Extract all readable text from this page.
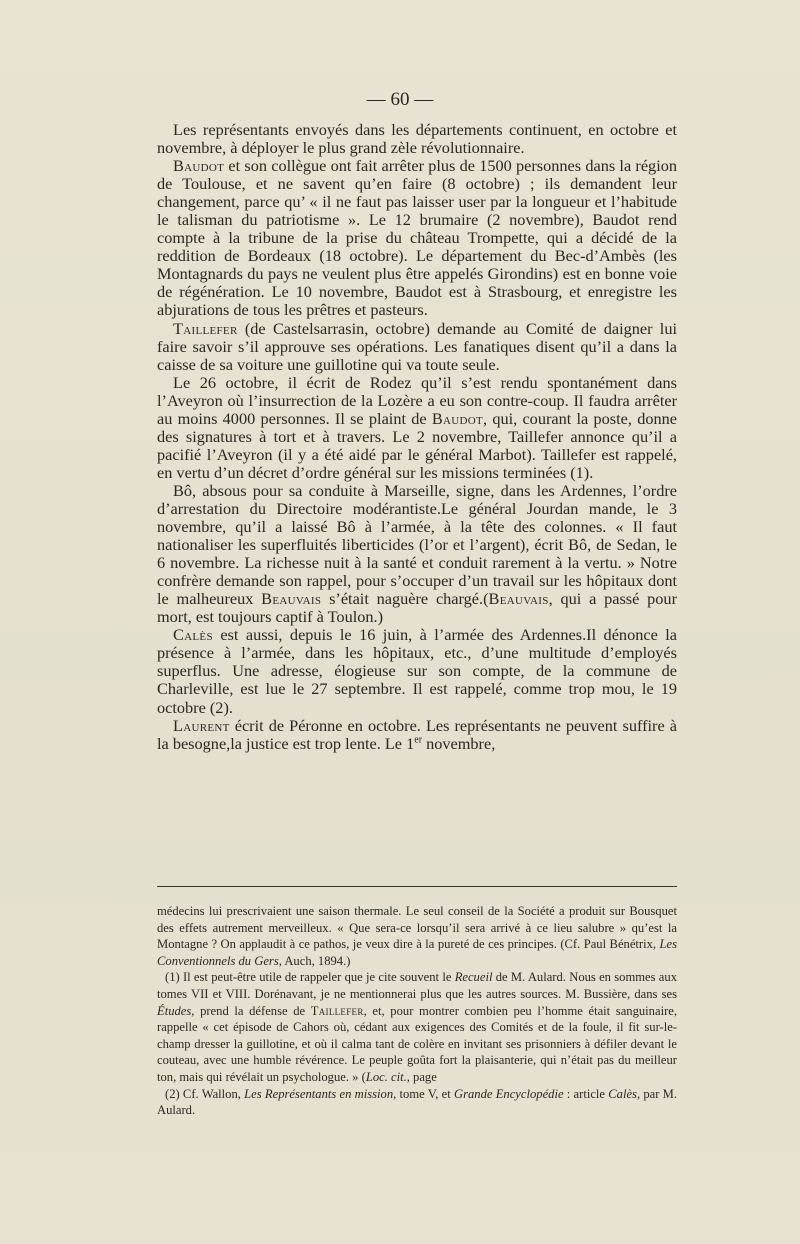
— 60 —

Les représentants envoyés dans les départements continuent, en octobre et novembre, à déployer le plus grand zèle révolutionnaire.

Baudot et son collègue ont fait arrêter plus de 1500 personnes dans la région de Toulouse, et ne savent qu’en faire (8 octobre) ; ils demandent leur changement, parce qu’ « il ne faut pas laisser user par la longueur et l’habitude le talisman du patriotisme ». Le 12 brumaire (2 novembre), Baudot rend compte à la tribune de la prise du château Trompette, qui a décidé de la reddition de Bordeaux (18 octobre). Le département du Bec-d’Ambès (les Montagnards du pays ne veulent plus être appelés Girondins) est en bonne voie de régénération. Le 10 novembre, Baudot est à Strasbourg, et enregistre les abjurations de tous les prêtres et pasteurs.

Taillefer (de Castelsarrasin, octobre) demande au Comité de daigner lui faire savoir s’il approuve ses opérations. Les fanatiques disent qu’il a dans la caisse de sa voiture une guillotine qui va toute seule.

Le 26 octobre, il écrit de Rodez qu’il s’est rendu spontanément dans l’Aveyron où l’insurrection de la Lozère a eu son contre-coup. Il faudra arrêter au moins 4000 personnes. Il se plaint de Baudot, qui, courant la poste, donne des signatures à tort et à travers. Le 2 novembre, Taillefer annonce qu’il a pacifié l’Aveyron (il y a été aidé par le général Marbot). Taillefer est rappelé, en vertu d’un décret d’ordre général sur les missions terminées (1).

Bô, absous pour sa conduite à Marseille, signe, dans les Ardennes, l’ordre d’arrestation du Directoire modérantiste.Le général Jourdan mande, le 3 novembre, qu’il a laissé Bô à l’armée, à la tête des colonnes. « Il faut nationaliser les superfluités liberticides (l’or et l’argent), écrit Bô, de Sedan, le 6 novembre. La richesse nuit à la santé et conduit rarement à la vertu. » Notre confrère demande son rappel, pour s’occuper d’un travail sur les hôpitaux dont le malheureux Beauvais s’était naguère chargé.(Beauvais, qui a passé pour mort, est toujours captif à Toulon.)

Calès est aussi, depuis le 16 juin, à l’armée des Ardennes.Il dénonce la présence à l’armée, dans les hôpitaux, etc., d’une multitude d’employés superflus. Une adresse, élogieuse sur son compte, de la commune de Charleville, est lue le 27 septembre. Il est rappelé, comme trop mou, le 19 octobre (2).

Laurent écrit de Péronne en octobre. Les représentants ne peuvent suffire à la besogne,la justice est trop lente. Le 1er novembre,

médecins lui prescrivaient une saison thermale. Le seul conseil de la Société a produit sur Bousquet des effets autrement merveilleux. « Que sera-ce lorsqu’il sera arrivé à ce lieu salubre » qu’est la Montagne ? On applaudit à ce pathos, je veux dire à la pureté de ces principes. (Cf. Paul Bénétrix, Les Conventionnels du Gers, Auch, 1894.)

(1) Il est peut-être utile de rappeler que je cite souvent le Recueil de M. Aulard. Nous en sommes aux tomes VII et VIII. Dorénavant, je ne mentionnerai plus que les autres sources. M. Bussière, dans ses Études, prend la défense de Taillefer, et, pour montrer combien peu l’homme était sanguinaire, rappelle « cet épisode de Cahors où, cédant aux exigences des Comités et de la foule, il fit sur-le-champ dresser la guillotine, et où il calma tant de colère en invitant ses prisonniers à défiler devant le couteau, avec une humble révérence. Le peuple goûta fort la plaisanterie, qui n’était pas du meilleur ton, mais qui révélait un psychologue. » (Loc. cit., page

(2) Cf. Wallon, Les Représentants en mission, tome V, et Grande Encyclopédie : article Calès, par M. Aulard.
